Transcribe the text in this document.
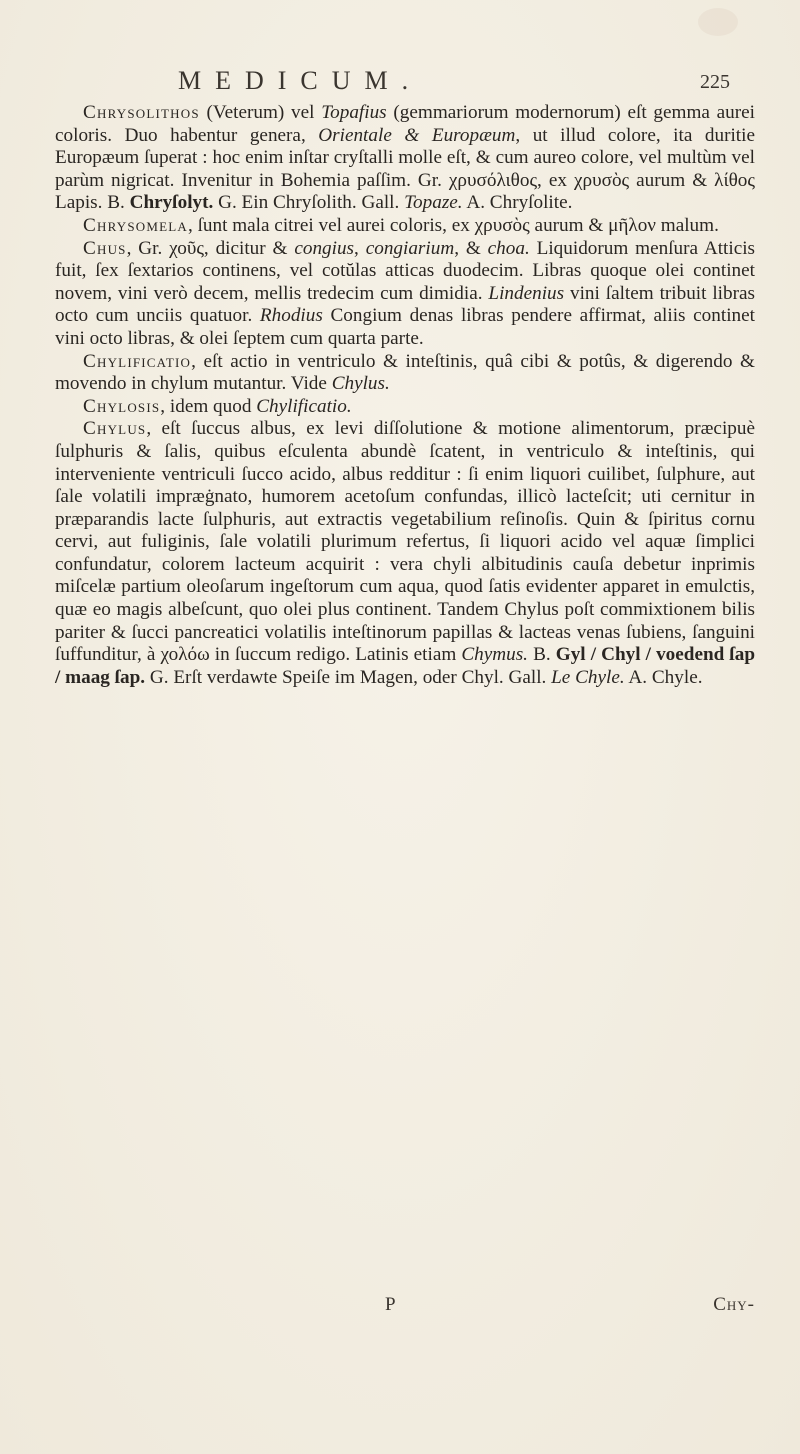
MEDICUM.	225

Chrysolithos (Veterum) vel Topafius (gemmariorum modernorum) eſt gemma aurei coloris. Duo habentur genera, Orientale & Europæum, ut illud colore, ita duritie Europæum ſuperat : hoc enim inſtar cryſtalli molle eſt, & cum aureo colore, vel multùm vel parùm nigricat. Invenitur in Bohemia paſſim. Gr. χρυσόλιθος, ex χρυσὸς aurum & λίθος Lapis. B. Chryſolyt. G. Ein Chryſolith. Gall. Topaze. A. Chryſolite.

Chrysomela, ſunt mala citrei vel aurei coloris, ex χρυσὸς aurum & μῆλον malum.

Chus, Gr. χοῦς, dicitur & congius, congiarium, & choa. Liquidorum menſura Atticis fuit, ſex ſextarios continens, vel cotŭlas atticas duodecim. Libras quoque olei continet novem, vini verò decem, mellis tredecim cum dimidia. Lindenius vini ſaltem tribuit libras octo cum unciis quatuor. Rhodius Congium denas libras pendere affirmat, aliis continet vini octo libras, & olei ſeptem cum quarta parte.

Chylificatio, eſt actio in ventriculo & inteſtinis, quâ cibi & potûs, & digerendo & movendo in chylum mutantur. Vide Chylus.

Chylosis, idem quod Chylificatio.

Chylus, eſt ſuccus albus, ex levi diſſolutione & motione alimentorum, præcipuè ſulphuris & ſalis, quibus eſculenta abundè ſcatent, in ventriculo & inteſtinis, qui interveniente ventriculi ſucco acido, albus redditur : ſi enim liquori cuilibet, ſulphure, aut ſale volatili impræġnato, humorem acetoſum confundas, illicò lacteſcit; uti cernitur in præparandis lacte ſulphuris, aut extractis vegetabilium reſinoſis. Quin & ſpiritus cornu cervi, aut fuliginis, ſale volatili plurimum refertus, ſi liquori acido vel aquæ ſimplici confundatur, colorem lacteum acquirit : vera chyli albitudinis cauſa debetur inprimis miſcelæ partium oleoſarum ingeſtorum cum aqua, quod ſatis evidenter apparet in emulctis, quæ eo magis albeſcunt, quo olei plus continent. Tandem Chylus poſt commixtionem bilis pariter & ſucci pancreatici volatilis inteſtinorum papillas & lacteas venas ſubiens, ſanguini ſuffunditur, à χολόω in ſuccum redigo. Latinis etiam Chymus. B. Gyl / Chyl / voedend ſap / maag ſap. G. Erſt verdawte Speiſe im Magen, oder Chyl. Gall. Le Chyle. A. Chyle.

P	Chy-
